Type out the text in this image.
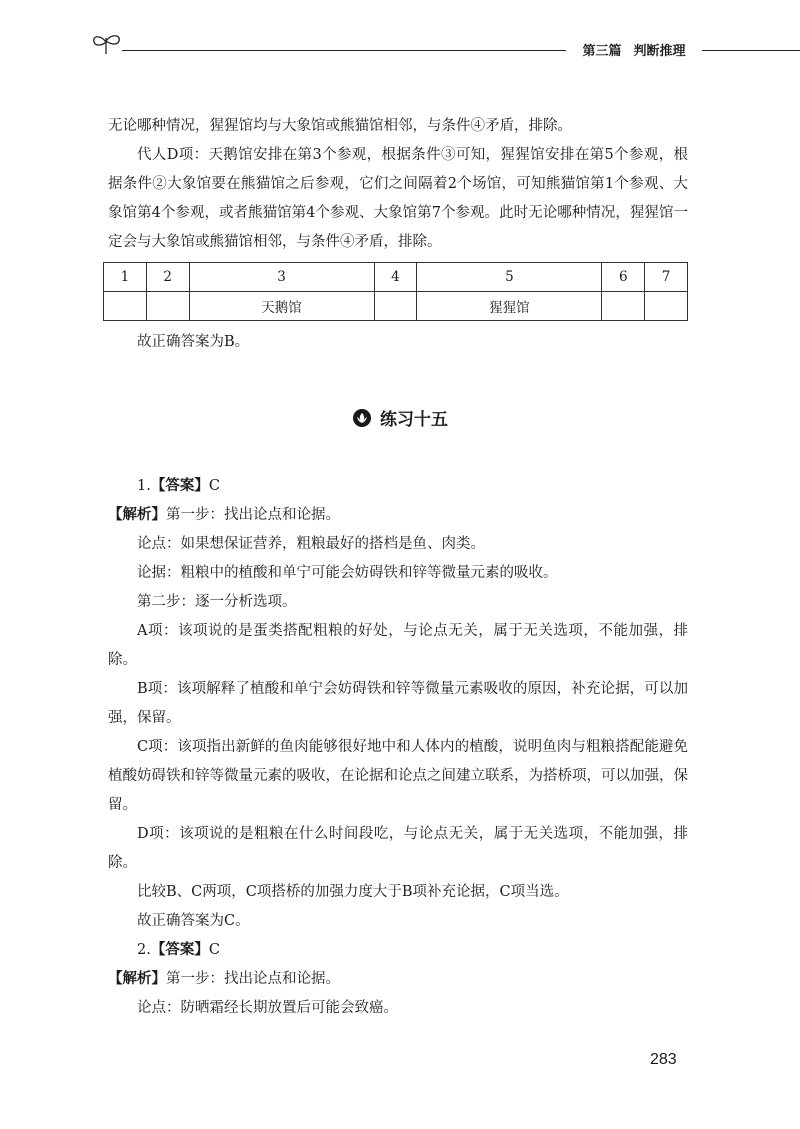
第三篇 判断推理

无论哪种情况，猩猩馆均与大象馆或熊猫馆相邻，与条件④矛盾，排除。

代人D项：天鹅馆安排在第3个参观，根据条件③可知，猩猩馆安排在第5个参观，根据条件②大象馆要在熊猫馆之后参观，它们之间隔着2个场馆，可知熊猫馆第1个参观、大象馆第4个参观，或者熊猫馆第4个参观、大象馆第7个参观。此时无论哪种情况，猩猩馆一定会与大象馆或熊猫馆相邻，与条件④矛盾，排除。

1	2	3	4	5	6	7
		天鹅馆		猩猩馆		

故正确答案为B。

练习十五

1.【答案】C

【解析】第一步：找出论点和论据。

论点：如果想保证营养，粗粮最好的搭档是鱼、肉类。

论据：粗粮中的植酸和单宁可能会妨碍铁和锌等微量元素的吸收。

第二步：逐一分析选项。

A项：该项说的是蛋类搭配粗粮的好处，与论点无关，属于无关选项，不能加强，排除。

B项：该项解释了植酸和单宁会妨碍铁和锌等微量元素吸收的原因，补充论据，可以加强，保留。

C项：该项指出新鲜的鱼肉能够很好地中和人体内的植酸，说明鱼肉与粗粮搭配能避免植酸妨碍铁和锌等微量元素的吸收，在论据和论点之间建立联系，为搭桥项，可以加强，保留。

D项：该项说的是粗粮在什么时间段吃，与论点无关，属于无关选项，不能加强，排除。

比较B、C两项，C项搭桥的加强力度大于B项补充论据，C项当选。

故正确答案为C。

2.【答案】C

【解析】第一步：找出论点和论据。

论点：防晒霜经长期放置后可能会致癌。

283
